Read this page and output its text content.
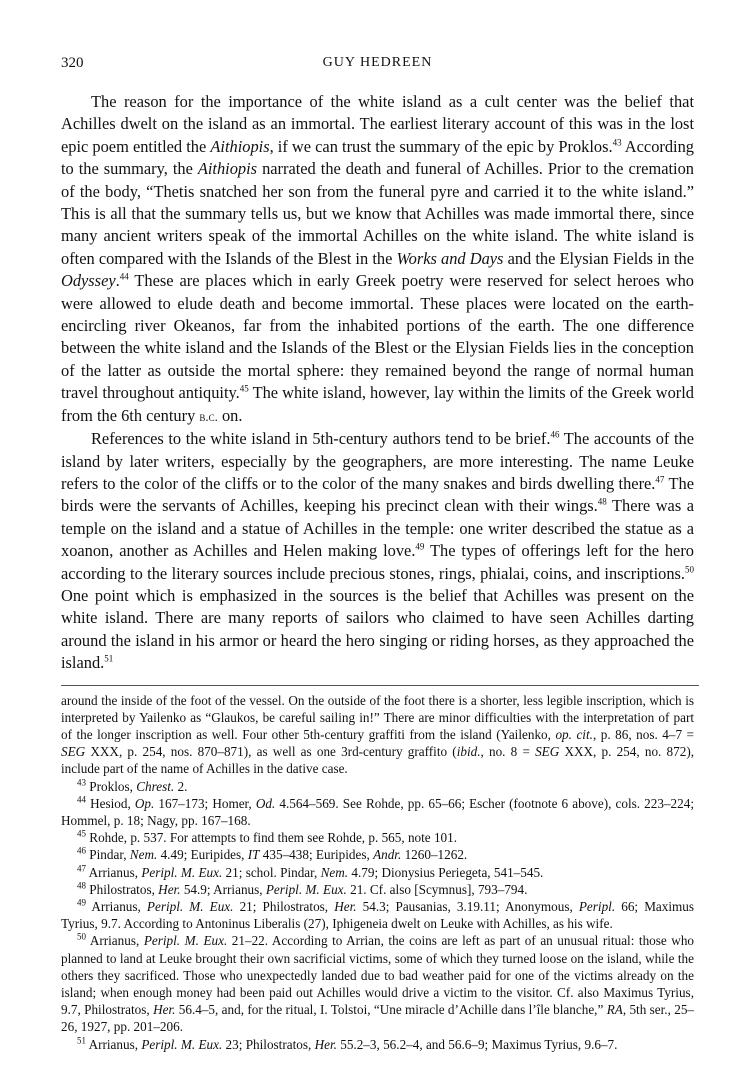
320	GUY HEDREEN

The reason for the importance of the white island as a cult center was the belief that Achilles dwelt on the island as an immortal. The earliest literary account of this was in the lost epic poem entitled the Aithiopis, if we can trust the summary of the epic by Proklos.$^{43}$ According to the summary, the Aithiopis narrated the death and funeral of Achilles. Prior to the cremation of the body, “Thetis snatched her son from the funeral pyre and carried it to the white island.” This is all that the summary tells us, but we know that Achilles was made immortal there, since many ancient writers speak of the immortal Achilles on the white island. The white island is often compared with the Islands of the Blest in the Works and Days and the Elysian Fields in the Odyssey.$^{44}$ These are places which in early Greek poetry were reserved for select heroes who were allowed to elude death and become immortal. These places were located on the earth-encircling river Okeanos, far from the inhabited portions of the earth. The one difference between the white island and the Islands of the Blest or the Elysian Fields lies in the conception of the latter as outside the mortal sphere: they remained beyond the range of normal human travel throughout antiquity.$^{45}$ The white island, however, lay within the limits of the Greek world from the 6th century b.c. on.

References to the white island in 5th-century authors tend to be brief.$^{46}$ The accounts of the island by later writers, especially by the geographers, are more interesting. The name Leuke refers to the color of the cliffs or to the color of the many snakes and birds dwelling there.$^{47}$ The birds were the servants of Achilles, keeping his precinct clean with their wings.$^{48}$ There was a temple on the island and a statue of Achilles in the temple: one writer described the statue as a xoanon, another as Achilles and Helen making love.$^{49}$ The types of offerings left for the hero according to the literary sources include precious stones, rings, phialai, coins, and inscriptions.$^{50}$ One point which is emphasized in the sources is the belief that Achilles was present on the white island. There are many reports of sailors who claimed to have seen Achilles darting around the island in his armor or heard the hero singing or riding horses, as they approached the island.$^{51}$

around the inside of the foot of the vessel. On the outside of the foot there is a shorter, less legible inscription, which is interpreted by Yailenko as “Glaukos, be careful sailing in!” There are minor difficulties with the interpretation of part of the longer inscription as well. Four other 5th-century graffiti from the island (Yailenko, op. cit., p. 86, nos. 4–7 = SEG XXX, p. 254, nos. 870–871), as well as one 3rd-century graffito (ibid., no. 8 = SEG XXX, p. 254, no. 872), include part of the name of Achilles in the dative case.

$^{43}$ Proklos, Chrest. 2.

$^{44}$ Hesiod, Op. 167–173; Homer, Od. 4.564–569. See Rohde, pp. 65–66; Escher (footnote 6 above), cols. 223–224; Hommel, p. 18; Nagy, pp. 167–168.

$^{45}$ Rohde, p. 537. For attempts to find them see Rohde, p. 565, note 101.

$^{46}$ Pindar, Nem. 4.49; Euripides, IT 435–438; Euripides, Andr. 1260–1262.

$^{47}$ Arrianus, Peripl. M. Eux. 21; schol. Pindar, Nem. 4.79; Dionysius Periegeta, 541–545.

$^{48}$ Philostratos, Her. 54.9; Arrianus, Peripl. M. Eux. 21. Cf. also [Scymnus], 793–794.

$^{49}$ Arrianus, Peripl. M. Eux. 21; Philostratos, Her. 54.3; Pausanias, 3.19.11; Anonymous, Peripl. 66; Maximus Tyrius, 9.7. According to Antoninus Liberalis (27), Iphigeneia dwelt on Leuke with Achilles, as his wife.

$^{50}$ Arrianus, Peripl. M. Eux. 21–22. According to Arrian, the coins are left as part of an unusual ritual: those who planned to land at Leuke brought their own sacrificial victims, some of which they turned loose on the island, while the others they sacrificed. Those who unexpectedly landed due to bad weather paid for one of the victims already on the island; when enough money had been paid out Achilles would drive a victim to the visitor. Cf. also Maximus Tyrius, 9.7, Philostratos, Her. 56.4–5, and, for the ritual, I. Tolstoi, “Une miracle d’Achille dans l’île blanche,” RA, 5th ser., 25–26, 1927, pp. 201–206.

$^{51}$ Arrianus, Peripl. M. Eux. 23; Philostratos, Her. 55.2–3, 56.2–4, and 56.6–9; Maximus Tyrius, 9.6–7.
